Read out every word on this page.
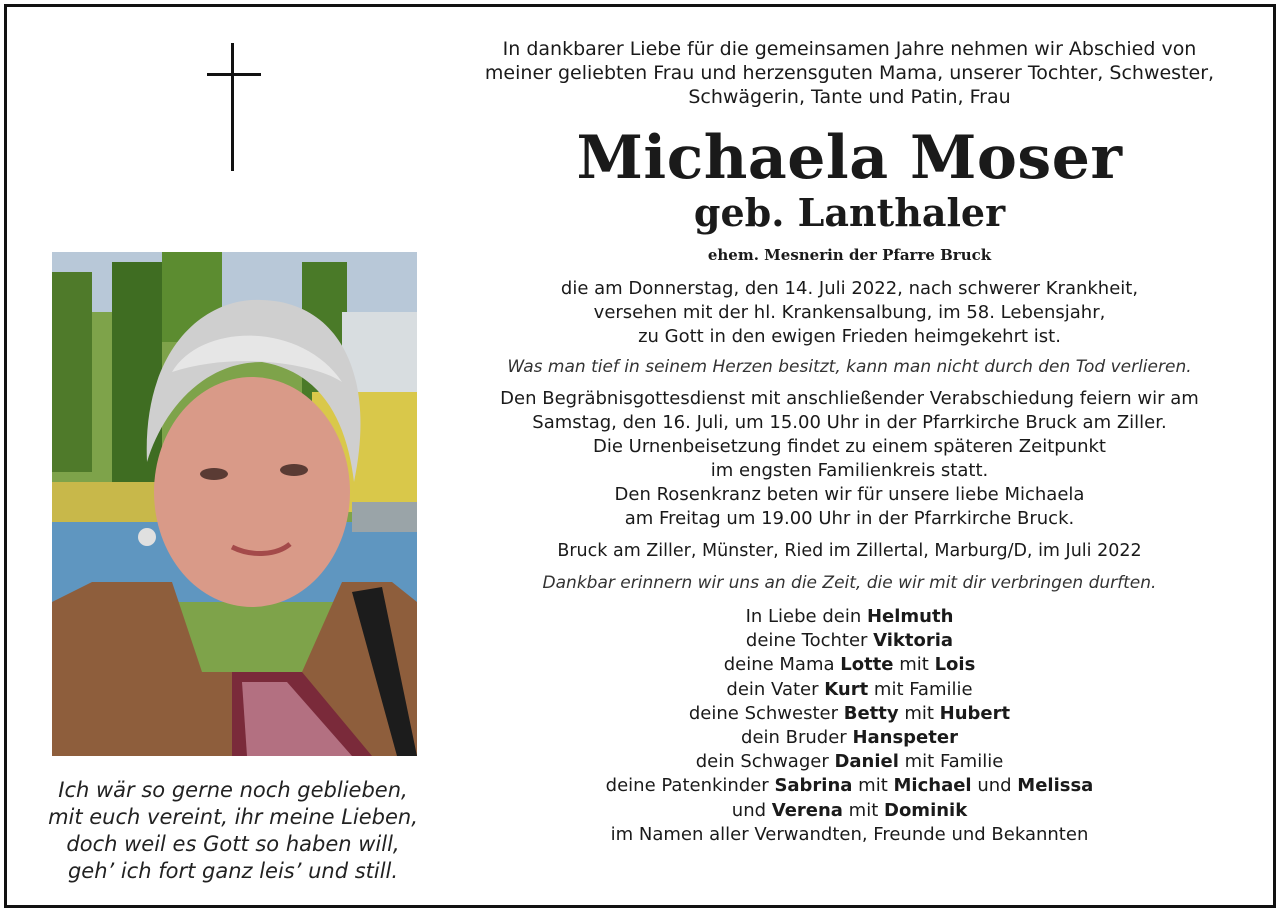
Ich wär so gerne noch geblieben,
mit euch vereint, ihr meine Lieben,
doch weil es Gott so haben will,
geh’ ich fort ganz leis’ und still.
In dankbarer Liebe für die gemeinsamen Jahre nehmen wir Abschied von
meiner geliebten Frau und herzensguten Mama, unserer Tochter, Schwester,
Schwägerin, Tante und Patin, Frau
Michaela Moser
geb. Lanthaler
ehem. Mesnerin der Pfarre Bruck
die am Donnerstag, den 14. Juli 2022, nach schwerer Krankheit,
versehen mit der hl. Krankensalbung, im 58. Lebensjahr,
zu Gott in den ewigen Frieden heimgekehrt ist.
Was man tief in seinem Herzen besitzt, kann man nicht durch den Tod verlieren.
Den Begräbnisgottesdienst mit anschließender Verabschiedung feiern wir am
Samstag, den 16. Juli, um 15.00 Uhr in der Pfarrkirche Bruck am Ziller.
Die Urnenbeisetzung findet zu einem späteren Zeitpunkt
im engsten Familienkreis statt.
Den Rosenkranz beten wir für unsere liebe Michaela
am Freitag um 19.00 Uhr in der Pfarrkirche Bruck.
Bruck am Ziller, Münster, Ried im Zillertal, Marburg/D, im Juli 2022
Dankbar erinnern wir uns an die Zeit, die wir mit dir verbringen durften.
In Liebe dein Helmuth
deine Tochter Viktoria
deine Mama Lotte mit Lois
dein Vater Kurt mit Familie
deine Schwester Betty mit Hubert
dein Bruder Hanspeter
dein Schwager Daniel mit Familie
deine Patenkinder Sabrina mit Michael und Melissa
und Verena mit Dominik
im Namen aller Verwandten, Freunde und Bekannten
